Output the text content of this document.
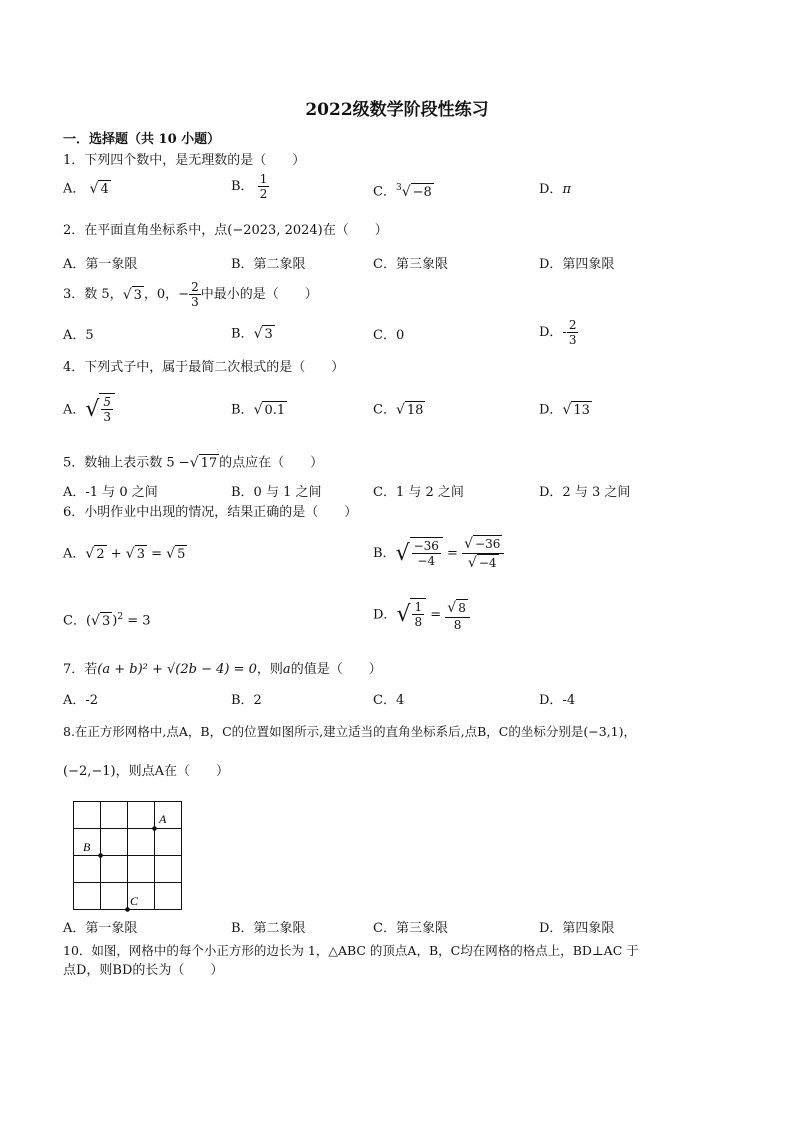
2022级数学阶段性练习
一．选择题（共 10 小题）
1．下列四个数中，是无理数的是（　　）
A． √ 4	B． $\frac{1}{2}$	C．$^3$ √ −8	D．π
2．在平面直角坐标系中，点(−2023, 2024)在（　　）
A．第一象限	B．第二象限	C．第三象限	D．第四象限
3．数 5， √ 3 ，0，− $\frac{2}{3}$ 中最小的是（　　）
A．5	B． √ 3	C．0	D．- $\frac{2}{3}$
4．下列式子中，属于最简二次根式的是（　　）
A． √ $\frac{5}{3}$	B． √ 0.1	C． √ 18	D． √ 13
5．数轴上表示数 5 − √ 17 的点应在（　　）
A．-1 与 0 之间	B．0 与 1 之间	C．1 与 2 之间	D．2 与 3 之间
6．小明作业中出现的情况，结果正确的是（　　）
A． √ 2 + √ 3 = √ 5	B． √ $\frac{-36}{-4} = \frac{√ -36}{√ -4}$
C．( √ 3 )$^2$ = 3	D． √ $\frac{1}{8} = \frac{√ 8}{8}$
7．若(a + b)² + √(2b − 4) = 0，则a的值是（　　）
A．-2	B．2	C．4	D．-4
8.在正方形网格中,点A，B，C的位置如图所示,建立适当的直角坐标系后,点B，C的坐标分别是(−3,1)，
(−2,−1)，则点A在（　　）
A
B
C
A．第一象限	B．第二象限	C．第三象限	D．第四象限
10．如图，网格中的每个小正方形的边长为 1，△ABC 的顶点A，B，C均在网格的格点上，BD⊥AC 于
点D，则BD的长为（　　）
